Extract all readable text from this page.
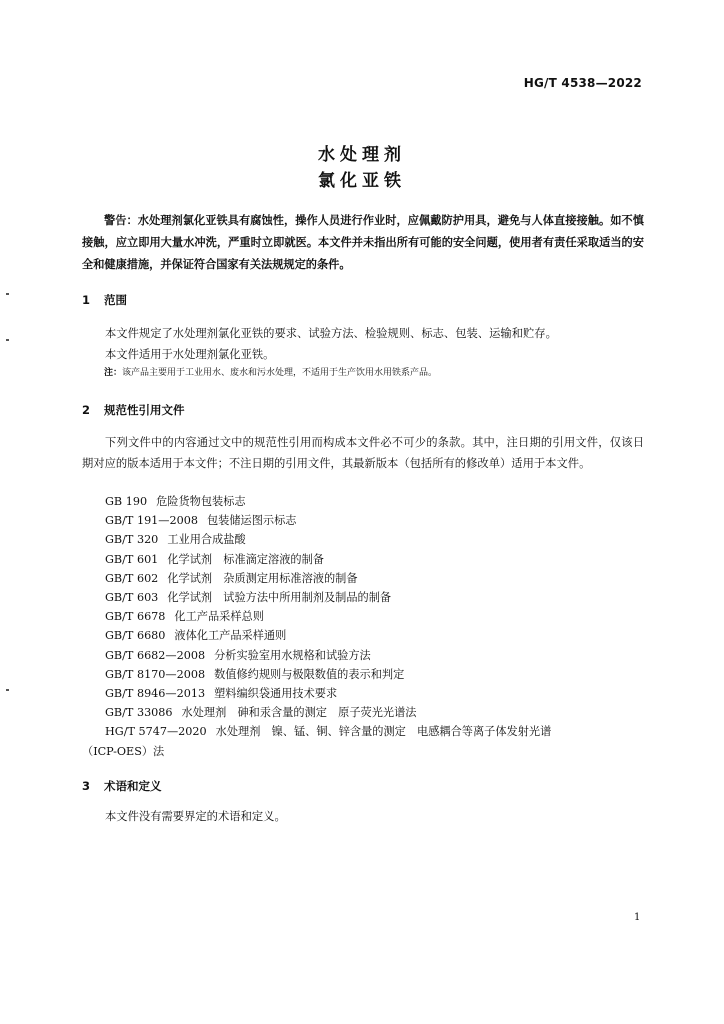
HG/T 4538—2022
水处理剂
氯化亚铁
警告：水处理剂氯化亚铁具有腐蚀性，操作人员进行作业时，应佩戴防护用具，避免与人体直接接触。如不慎接触，应立即用大量水冲洗，严重时立即就医。本文件并未指出所有可能的安全问题，使用者有责任采取适当的安全和健康措施，并保证符合国家有关法规规定的条件。
1 范围
本文件规定了水处理剂氯化亚铁的要求、试验方法、检验规则、标志、包装、运输和贮存。
本文件适用于水处理剂氯化亚铁。
注：该产品主要用于工业用水、废水和污水处理，不适用于生产饮用水用铁系产品。
2 规范性引用文件
下列文件中的内容通过文中的规范性引用而构成本文件必不可少的条款。其中，注日期的引用文件，仅该日期对应的版本适用于本文件；不注日期的引用文件，其最新版本（包括所有的修改单）适用于本文件。
GB 190 危险货物包装标志
GB/T 191—2008 包装储运图示标志
GB/T 320 工业用合成盐酸
GB/T 601 化学试剂　标准滴定溶液的制备
GB/T 602 化学试剂　杂质测定用标准溶液的制备
GB/T 603 化学试剂　试验方法中所用制剂及制品的制备
GB/T 6678 化工产品采样总则
GB/T 6680 液体化工产品采样通则
GB/T 6682—2008 分析实验室用水规格和试验方法
GB/T 8170—2008 数值修约规则与极限数值的表示和判定
GB/T 8946—2013 塑料编织袋通用技术要求
GB/T 33086 水处理剂　砷和汞含量的测定　原子荧光光谱法
HG/T 5747—2020 水处理剂　镍、锰、铜、锌含量的测定　电感耦合等离子体发射光谱
（ICP-OES）法
3 术语和定义
本文件没有需要界定的术语和定义。
1
